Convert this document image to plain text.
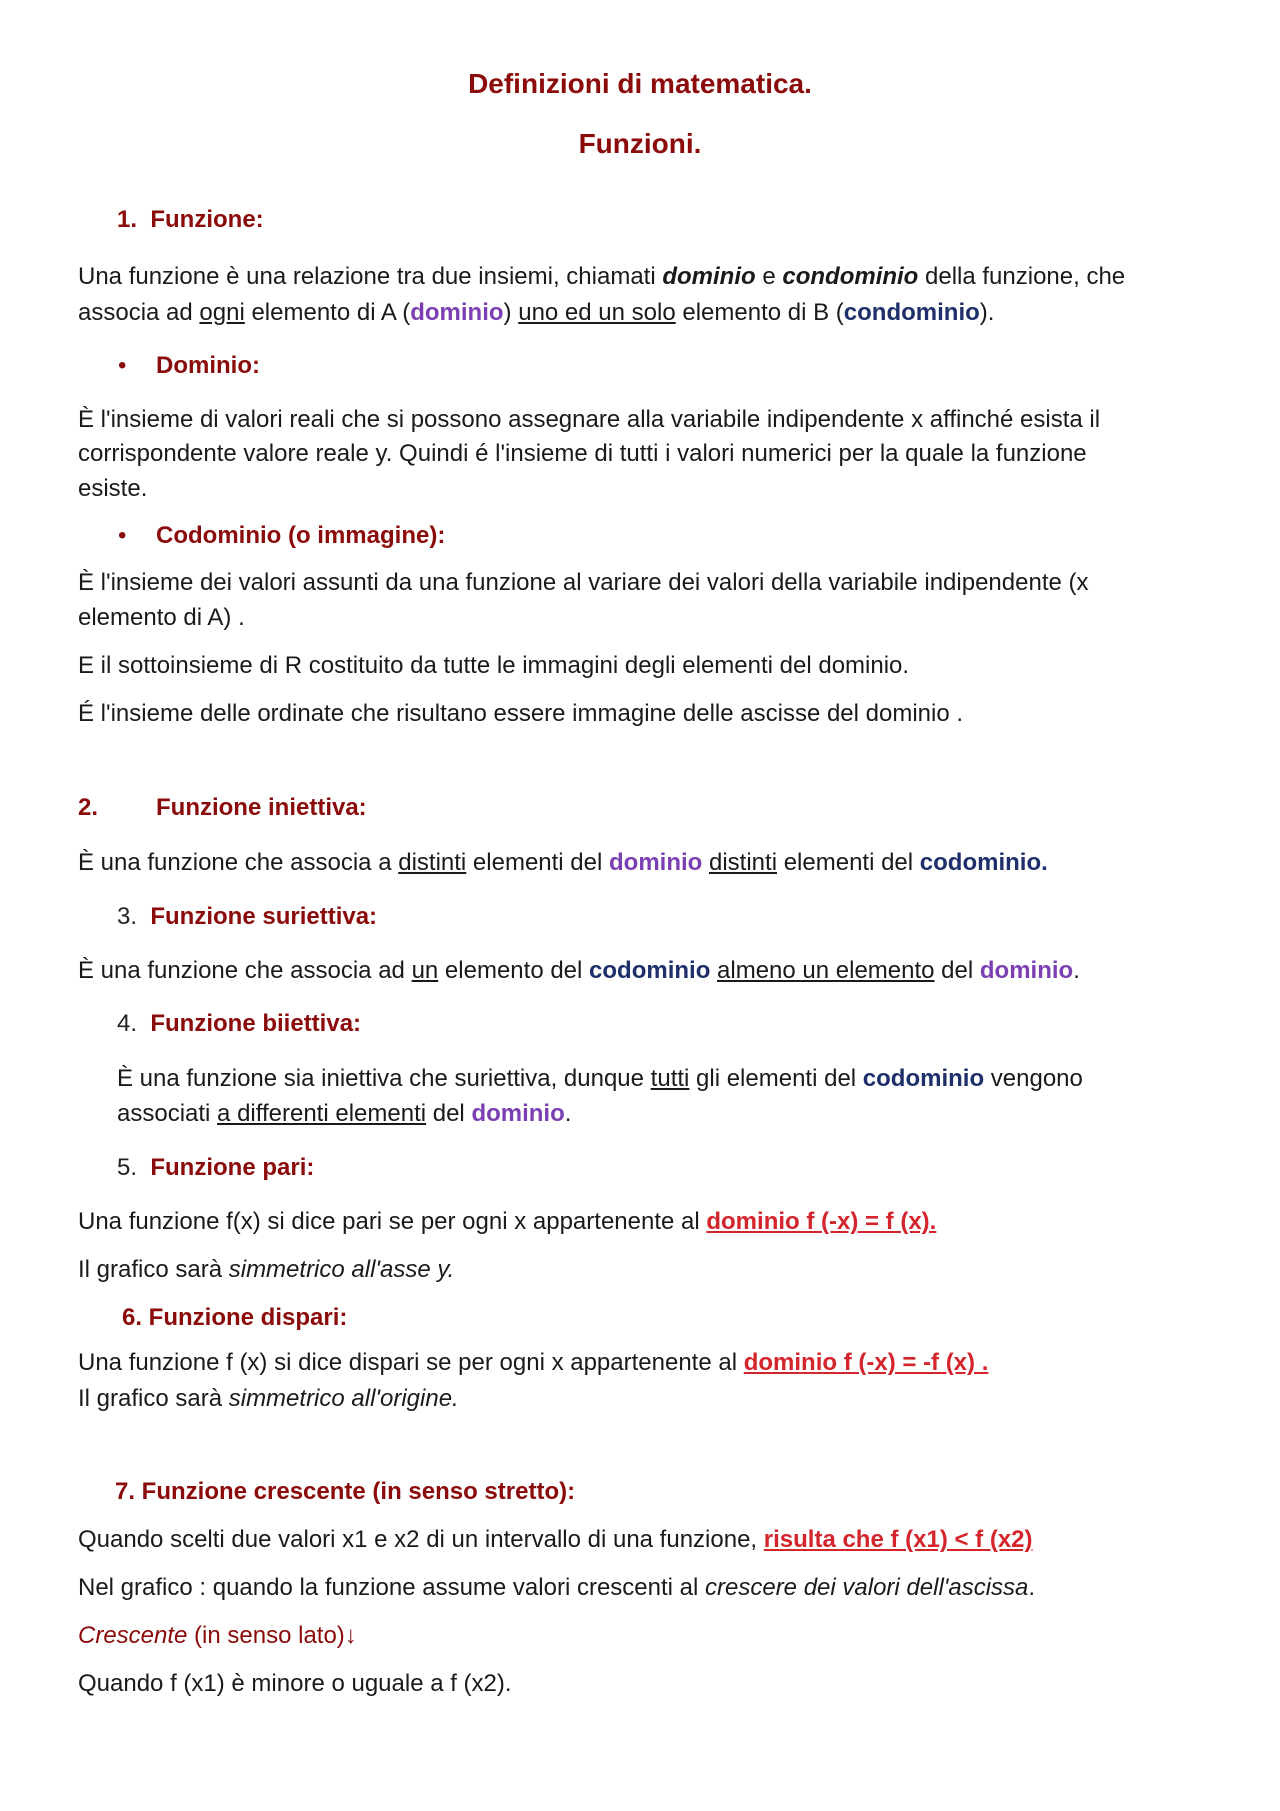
Definizioni di matematica.
Funzioni.
1. Funzione:
Una funzione è una relazione tra due insiemi, chiamati dominio e condominio della funzione, che
associa ad ogni elemento di A (dominio) uno ed un solo elemento di B (condominio).
• Dominio:
È l'insieme di valori reali che si possono assegnare alla variabile indipendente x affinché esista il
corrispondente valore reale y. Quindi é l'insieme di tutti i valori numerici per la quale la funzione
esiste.
• Codominio (o immagine):
È l'insieme dei valori assunti da una funzione al variare dei valori della variabile indipendente (x
elemento di A) .
E il sottoinsieme di R costituito da tutte le immagini degli elementi del dominio.
É l'insieme delle ordinate che risultano essere immagine delle ascisse del dominio .
2. Funzione iniettiva:
È una funzione che associa a distinti elementi del dominio distinti elementi del codominio.
3. Funzione suriettiva:
È una funzione che associa ad un elemento del codominio almeno un elemento del dominio.
4. Funzione biiettiva:
È una funzione sia iniettiva che suriettiva, dunque tutti gli elementi del codominio vengono
associati a differenti elementi del dominio.
5. Funzione pari:
Una funzione f(x) si dice pari se per ogni x appartenente al dominio f (-x) = f (x).
Il grafico sarà simmetrico all'asse y.
6. Funzione dispari:
Una funzione f (x) si dice dispari se per ogni x appartenente al dominio f (-x) = -f (x) .
Il grafico sarà simmetrico all'origine.
7. Funzione crescente (in senso stretto):
Quando scelti due valori x1 e x2 di un intervallo di una funzione, risulta che f (x1) < f (x2)
Nel grafico : quando la funzione assume valori crescenti al crescere dei valori dell'ascissa.
Crescente (in senso lato)↓
Quando f (x1) è minore o uguale a f (x2).
